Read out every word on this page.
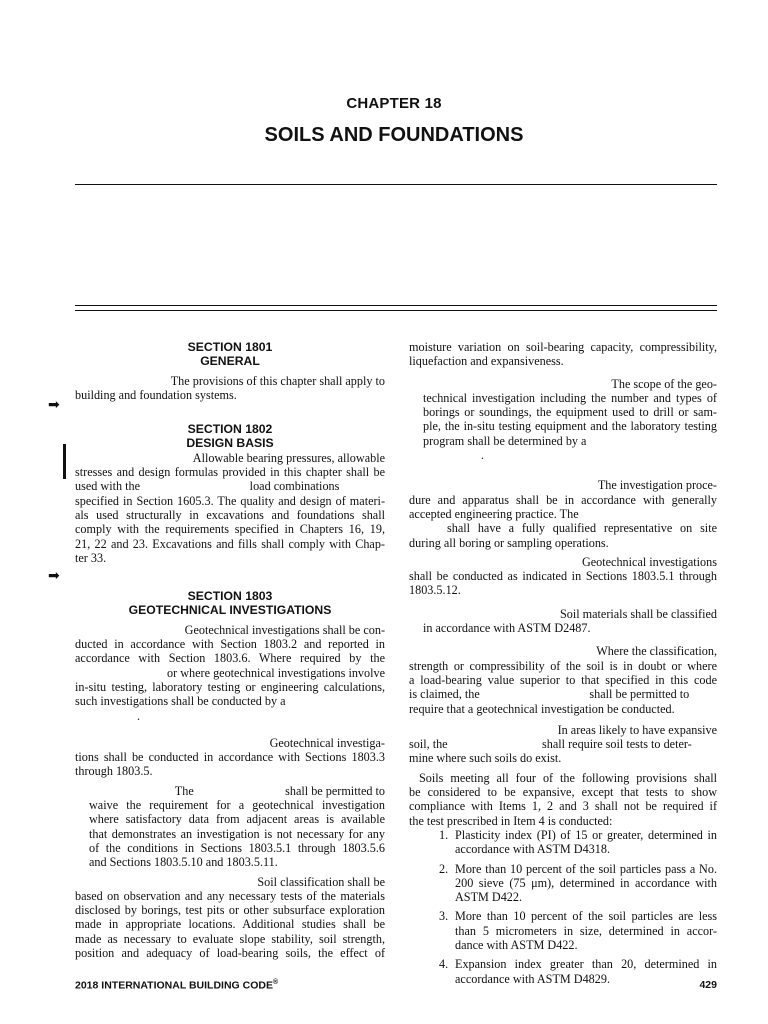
CHAPTER 18
SOILS AND FOUNDATIONS
➡
➡
SECTION 1801
GENERAL
The provisions of this chapter shall apply to
building and foundation systems.
SECTION 1802
DESIGN BASIS
Allowable bearing pressures, allowable
stresses and design formulas provided in this chapter shall be
used with the                                    load combinations
specified in Section 1605.3. The quality and design of materi-
als used structurally in excavations and foundations shall
comply with the requirements specified in Chapters 16, 19,
21, 22 and 23. Excavations and fills shall comply with Chap-
ter 33.
SECTION 1803
GEOTECHNICAL INVESTIGATIONS
Geotechnical investigations shall be con-
ducted in accordance with Section 1803.2 and reported in
accordance with Section 1803.6. Where required by the
or where geotechnical investigations involve
in-situ testing, laboratory testing or engineering calculations,
such investigations shall be conducted by a
.
Geotechnical investiga-
tions shall be conducted in accordance with Sections 1803.3
through 1803.5.
The                              shall be permitted to
waive the requirement for a geotechnical investigation
where satisfactory data from adjacent areas is available
that demonstrates an investigation is not necessary for any
of the conditions in Sections 1803.5.1 through 1803.5.6
and Sections 1803.5.10 and 1803.5.11.
Soil classification shall be
based on observation and any necessary tests of the materials
disclosed by borings, test pits or other subsurface exploration
made in appropriate locations. Additional studies shall be
made as necessary to evaluate slope stability, soil strength,
position and adequacy of load-bearing soils, the effect of
moisture variation on soil-bearing capacity, compressibility,
liquefaction and expansiveness.
The scope of the geo-
technical investigation including the number and types of
borings or soundings, the equipment used to drill or sam-
ple, the in-situ testing equipment and the laboratory testing
program shall be determined by a
.
The investigation proce-
dure and apparatus shall be in accordance with generally
accepted engineering practice. The
shall have a fully qualified representative on site
during all boring or sampling operations.
Geotechnical investigations
shall be conducted as indicated in Sections 1803.5.1 through
1803.5.12.
Soil materials shall be classified
in accordance with ASTM D2487.
Where the classification,
strength or compressibility of the soil is in doubt or where
a load-bearing value superior to that specified in this code
is claimed, the                                    shall be permitted to
require that a geotechnical investigation be conducted.
In areas likely to have expansive
soil, the                               shall require soil tests to deter-
mine where such soils do exist.
Soils meeting all four of the following provisions shall
be considered to be expansive, except that tests to show
compliance with Items 1, 2 and 3 shall not be required if
the test prescribed in Item 4 is conducted:
1. Plasticity index (PI) of 15 or greater, determined in
accordance with ASTM D4318.
2. More than 10 percent of the soil particles pass a No.
200 sieve (75 μm), determined in accordance with
ASTM D422.
3. More than 10 percent of the soil particles are less
than 5 micrometers in size, determined in accor-
dance with ASTM D422.
4. Expansion index greater than 20, determined in
accordance with ASTM D4829.
2018 INTERNATIONAL BUILDING CODE®	429
